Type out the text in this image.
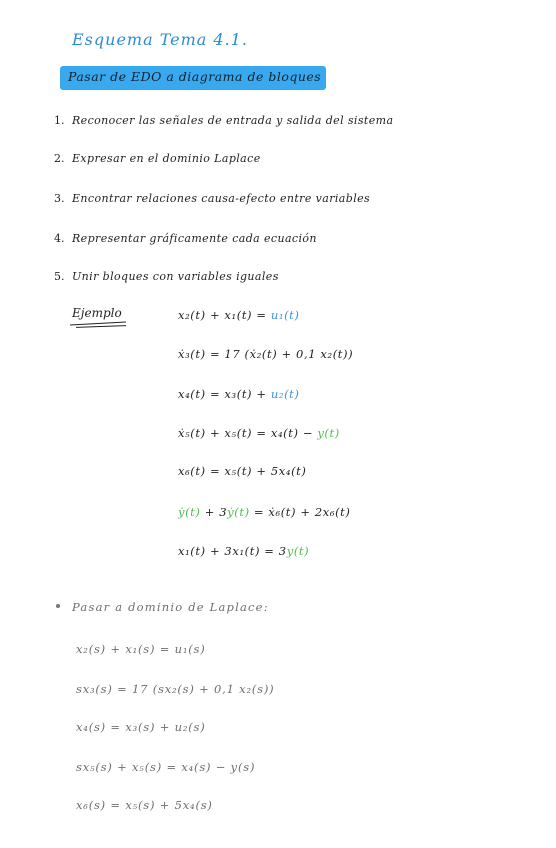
Esquema Tema 4.1.
Pasar de EDO a diagrama de bloques
1. Reconocer las señales de entrada y salida del sistema
2. Expresar en el dominio Laplace
3. Encontrar relaciones causa-efecto entre variables
4. Representar gráficamente cada ecuación
5. Unir bloques con variables iguales
Ejemplo	x₂(t) + x₁(t) = u₁(t)
ẋ₃(t) = 17 (ẋ₂(t) + 0,1 x₂(t))
x₄(t) = x₃(t) + u₂(t)
ẋ₅(t) + x₅(t) = x₄(t) − y(t)
x₆(t) = x₅(t) + 5x₄(t)
ẏ(t) + 3ẏ(t) = ẋ₆(t) + 2x₆(t)
x₁(t) + 3x₁(t) = 3y(t)
Pasar a dominio de Laplace:
x₂(s) + x₁(s) = u₁(s)
sx₃(s) = 17 (sx₂(s) + 0,1 x₂(s))
x₄(s) = x₃(s) + u₂(s)
sx₅(s) + x₅(s) = x₄(s) − y(s)
x₆(s) = x₅(s) + 5x₄(s)
